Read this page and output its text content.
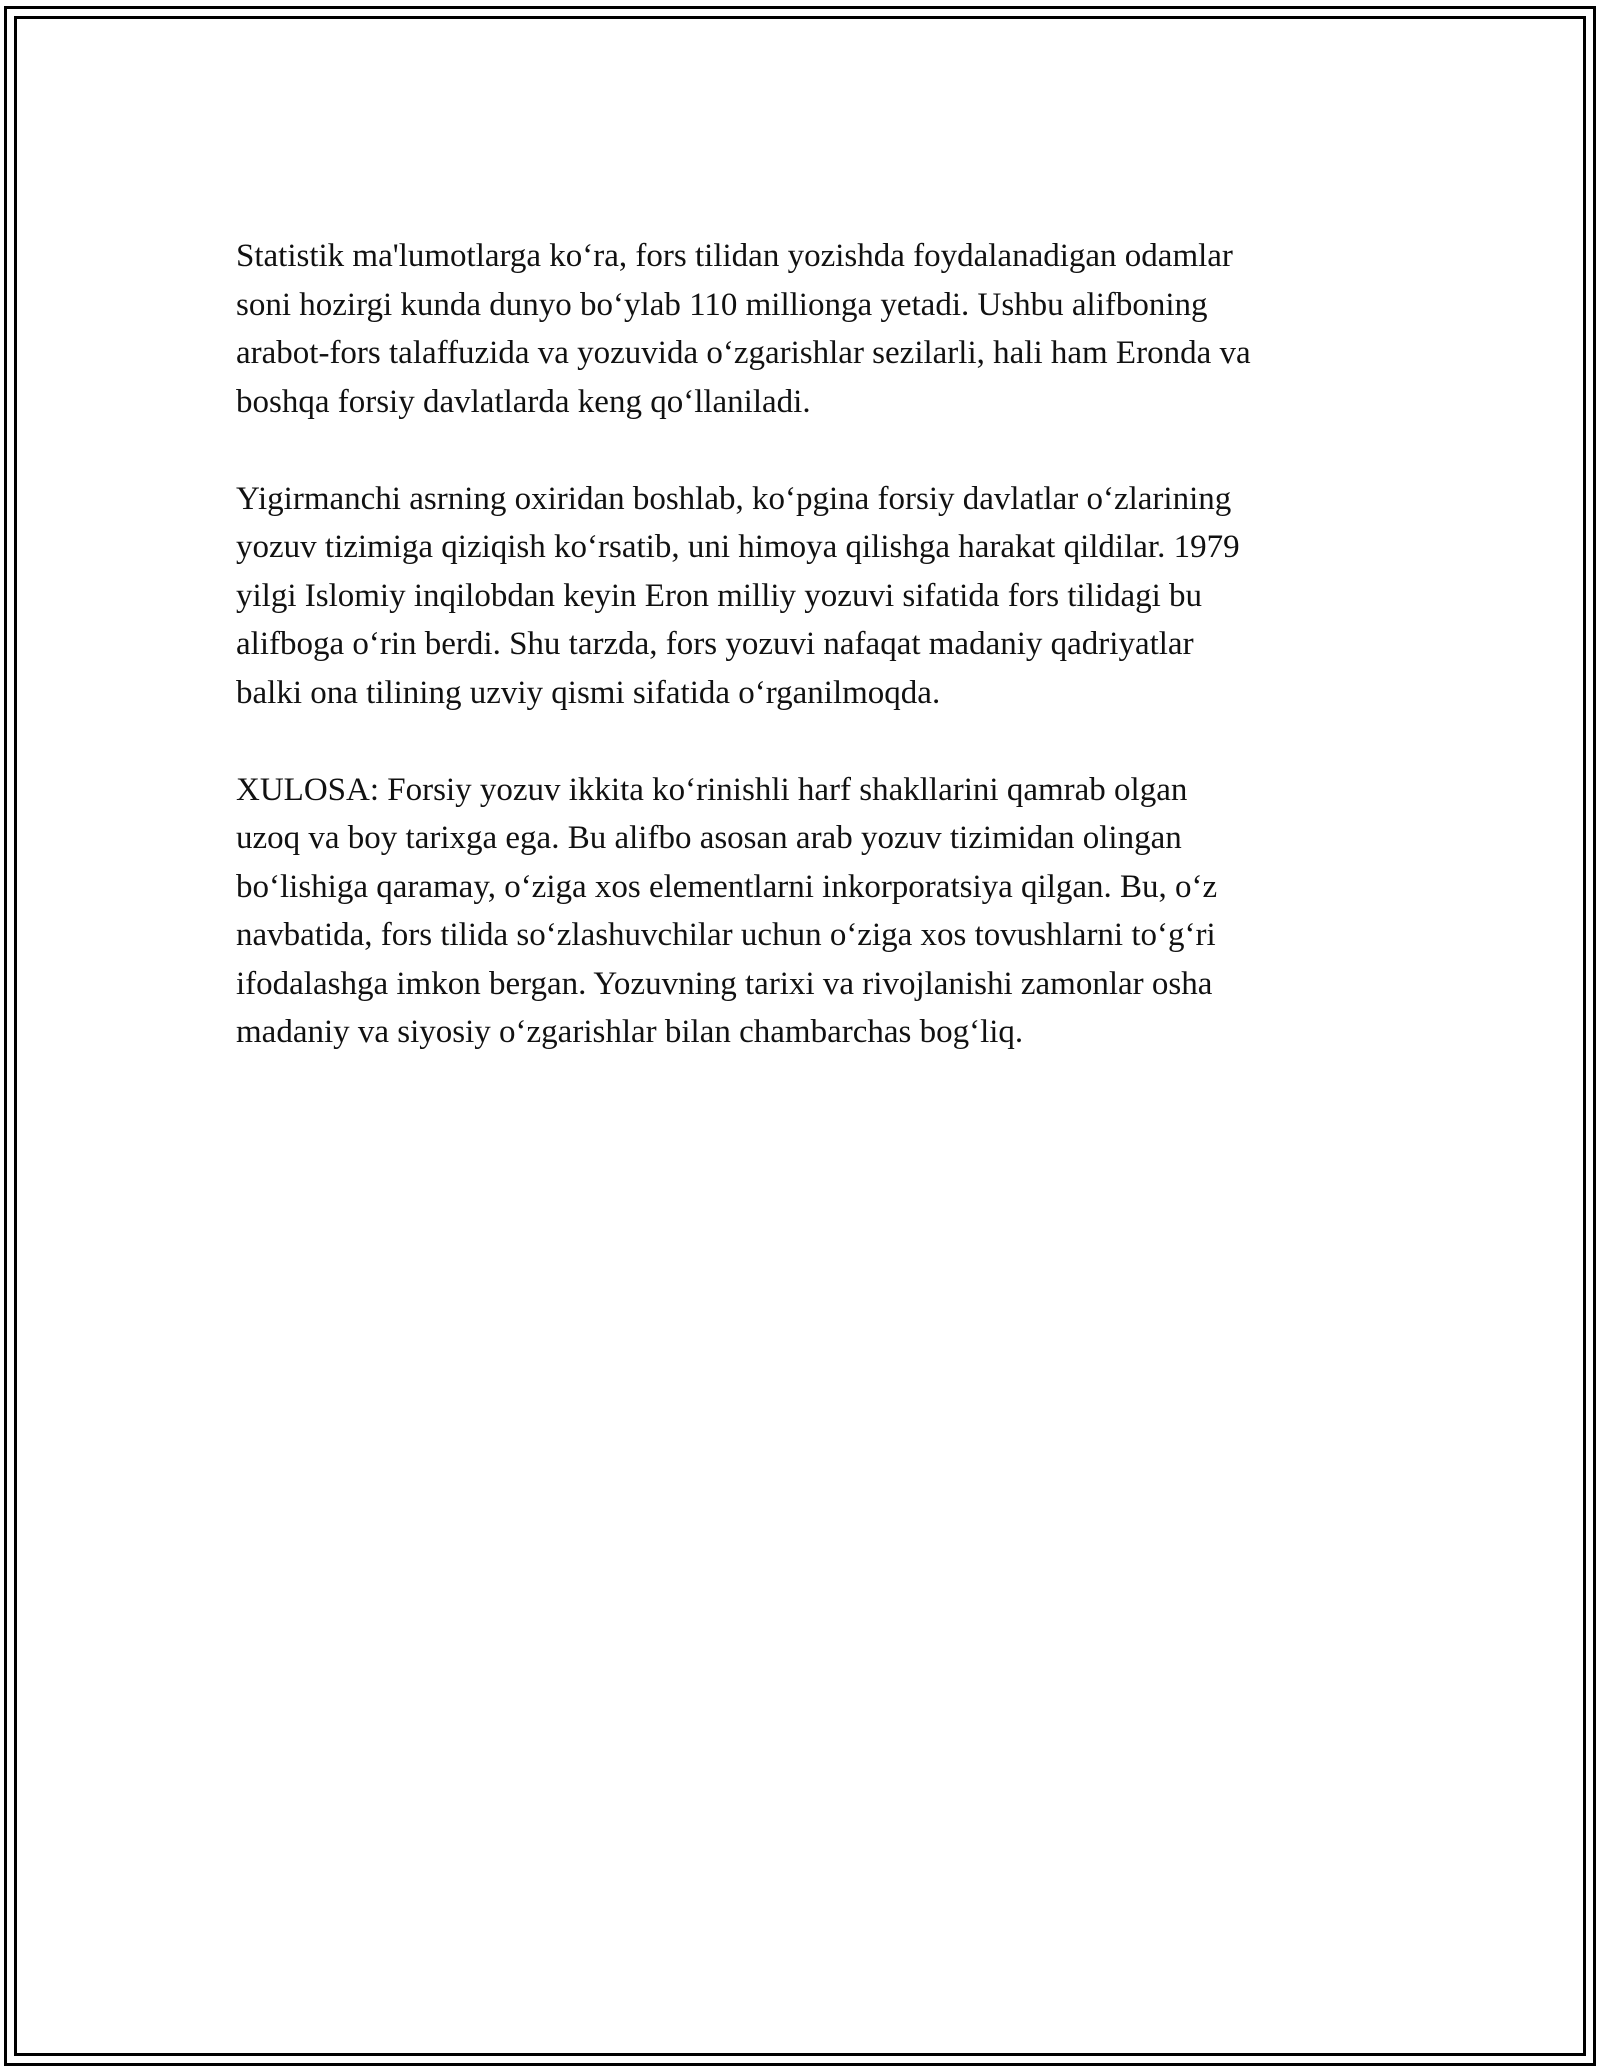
Statistik ma'lumotlarga ko‘ra, fors tilidan yozishda foydalanadigan odamlar
soni hozirgi kunda dunyo bo‘ylab 110 millionga yetadi. Ushbu alifboning
arabot-fors talaffuzida va yozuvida o‘zgarishlar sezilarli, hali ham Eronda va
boshqa forsiy davlatlarda keng qo‘llaniladi.

Yigirmanchi asrning oxiridan boshlab, ko‘pgina forsiy davlatlar o‘zlarining
yozuv tizimiga qiziqish ko‘rsatib, uni himoya qilishga harakat qildilar. 1979
yilgi Islomiy inqilobdan keyin Eron milliy yozuvi sifatida fors tilidagi bu
alifboga o‘rin berdi. Shu tarzda, fors yozuvi nafaqat madaniy qadriyatlar
balki ona tilining uzviy qismi sifatida o‘rganilmoqda.

XULOSA: Forsiy yozuv ikkita ko‘rinishli harf shakllarini qamrab olgan
uzoq va boy tarixga ega. Bu alifbo asosan arab yozuv tizimidan olingan
bo‘lishiga qaramay, o‘ziga xos elementlarni inkorporatsiya qilgan. Bu, o‘z
navbatida, fors tilida so‘zlashuvchilar uchun o‘ziga xos tovushlarni to‘g‘ri
ifodalashga imkon bergan. Yozuvning tarixi va rivojlanishi zamonlar osha
madaniy va siyosiy o‘zgarishlar bilan chambarchas bog‘liq.
